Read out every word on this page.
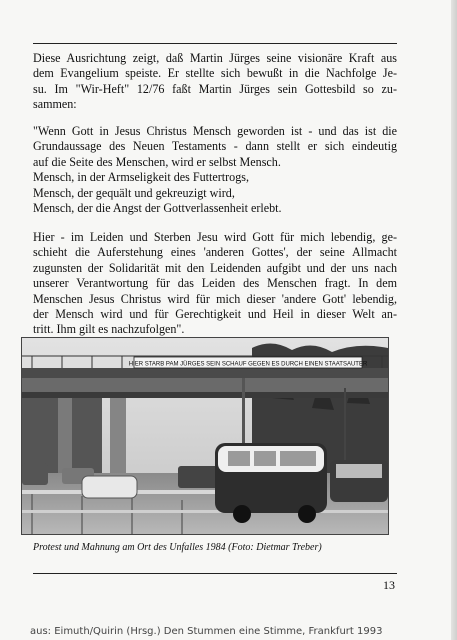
Diese Ausrichtung zeigt, daß Martin Jürges seine visionäre Kraft aus
dem Evangelium speiste. Er stellte sich bewußt in die Nachfolge Je-
su. Im "Wir-Heft" 12/76 faßt Martin Jürges sein Gottesbild so zu-
sammen:
"Wenn Gott in Jesus Christus Mensch geworden ist - und das ist die
Grundaussage des Neuen Testaments - dann stellt er sich eindeutig
auf die Seite des Menschen, wird er selbst Mensch.
Mensch, in der Armseligkeit des Futtertrogs,
Mensch, der gequält und gekreuzigt wird,
Mensch, der die Angst der Gottverlassenheit erlebt.
Hier - im Leiden und Sterben Jesu wird Gott für mich lebendig, ge-
schieht die Auferstehung eines 'anderen Gottes', der seine Allmacht
zugunsten der Solidarität mit den Leidenden aufgibt und der uns nach
unserer Verantwortung für das Leiden des Menschen fragt. In dem
Menschen Jesus Christus wird für mich dieser 'andere Gott' lebendig,
der Mensch wird und für Gerechtigkeit und Heil in dieser Welt an-
tritt. Ihm gilt es nachzufolgen".
HIER STARB PAM JÜRGES SEIN SCHAUF GEGEN ES DURCH EINEN STAATSAUTER
Protest und Mahnung am Ort des Unfalles 1984 (Foto: Dietmar Treber)
13
aus: Eimuth/Quirin (Hrsg.) Den Stummen eine Stimme, Frankfurt 1993
